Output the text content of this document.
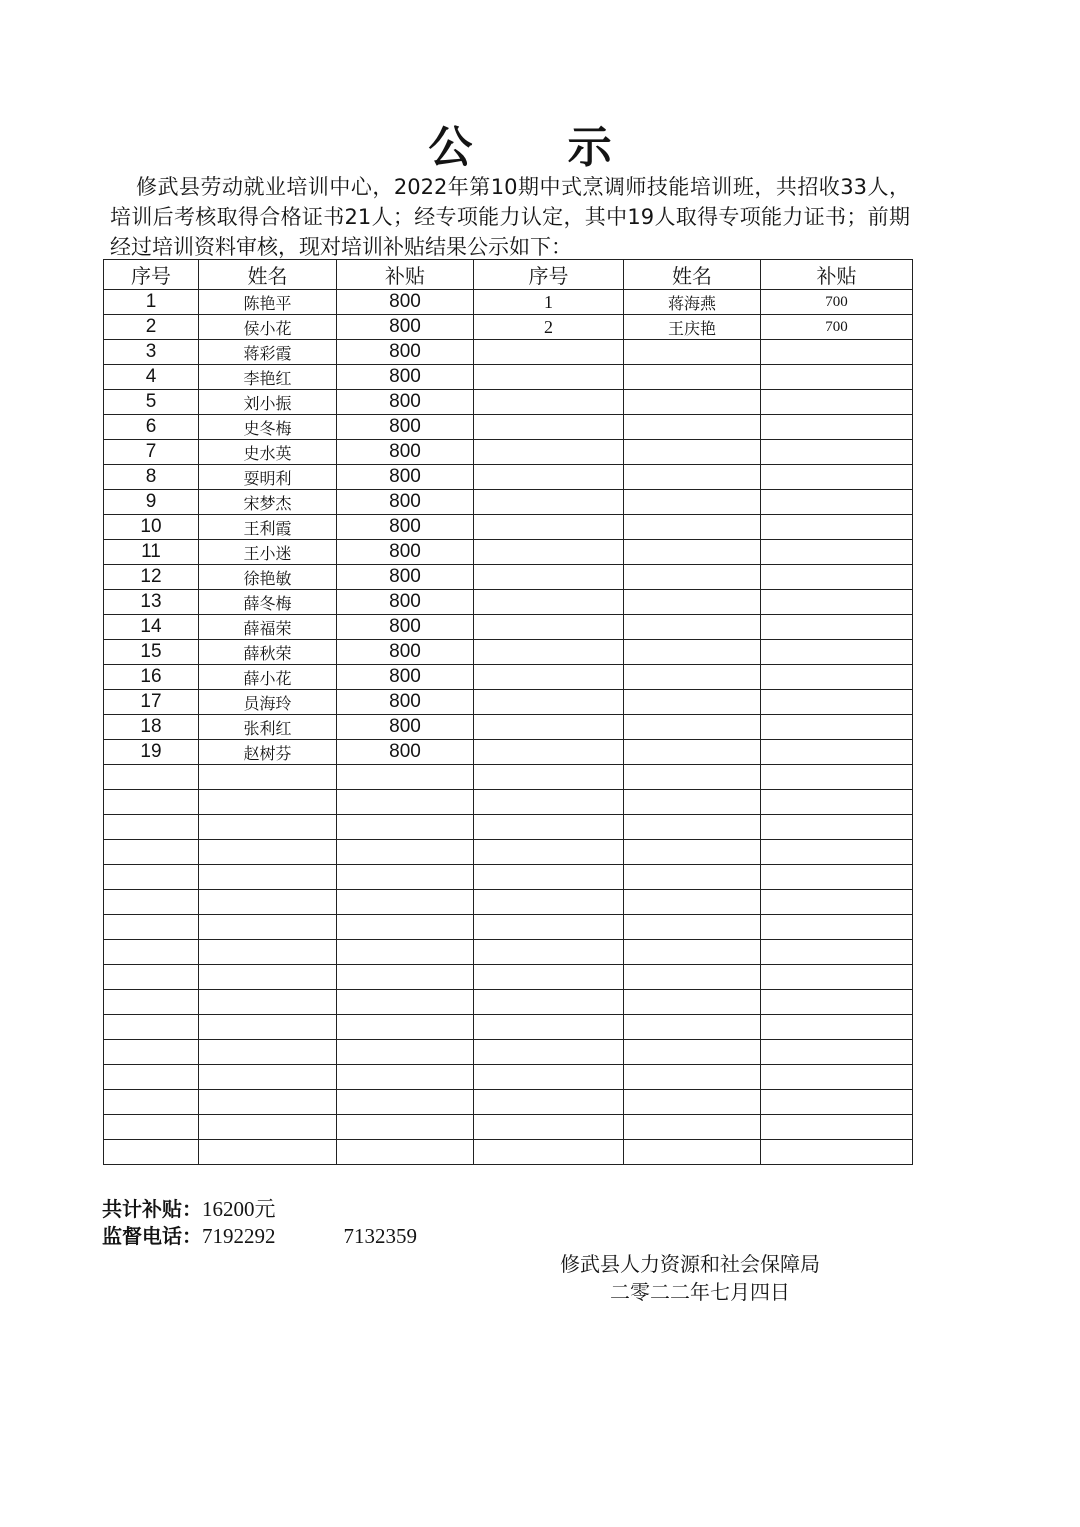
公 示
修武县劳动就业培训中心，2022年第10期中式烹调师技能培训班，共招收33人，培训后考核取得合格证书21人；经专项能力认定，其中19人取得专项能力证书；前期经过培训资料审核，现对培训补贴结果公示如下：
序号	姓名	补贴	序号	姓名	补贴
1	陈艳平	800	1	蒋海燕	700
2	侯小花	800	2	王庆艳	700
3	蒋彩霞	800			
4	李艳红	800			
5	刘小振	800			
6	史冬梅	800			
7	史水英	800			
8	耍明利	800			
9	宋梦杰	800			
10	王利霞	800			
11	王小迷	800			
12	徐艳敏	800			
13	薛冬梅	800			
14	薛福荣	800			
15	薛秋荣	800			
16	薛小花	800			
17	员海玲	800			
18	张利红	800			
19	赵树芬	800			

共计补贴：16200元
监督电话：7192292	7132359
修武县人力资源和社会保障局
二零二二年七月四日
